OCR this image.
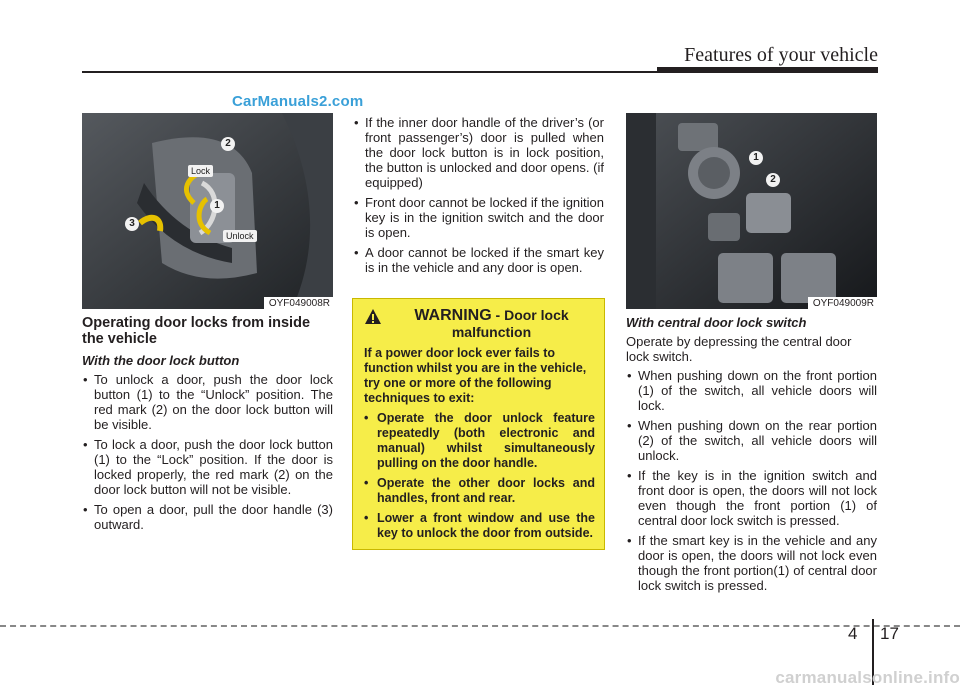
Features of your vehicle
CarManuals2.com
2
1
3
Lock
Unlock
OYF049008R
1
2
OYF049009R
Operating door locks from inside the vehicle
With the door lock button
• To unlock a door, push the door lock button (1) to the “Unlock” position. The red mark (2) on the door lock button will be visible.
• To lock a door, push the door lock button (1) to the “Lock” position. If the door is locked properly, the red mark (2) on the door lock button will not be visible.
• To open a door, pull the door handle (3) outward.
• If the inner door handle of the driver’s (or front passenger’s) door is pulled when the door lock button is in lock position, the button is unlocked and door opens. (if equipped)
• Front door cannot be locked if the ignition key is in the ignition switch and the door is open.
• A door cannot be locked if the smart key is in the vehicle and any door is open.
WARNING - Door lock malfunction
If a power door lock ever fails to function whilst you are in the vehicle, try one or more of the following techniques to exit:
• Operate the door unlock feature repeatedly (both electronic and manual) whilst simultaneously pulling on the door handle.
• Operate the other door locks and handles, front and rear.
• Lower a front window and use the key to unlock the door from outside.
With central door lock switch

Operate by depressing the central door lock switch.

• When pushing down on the front portion (1) of the switch, all vehicle doors will lock.
• When pushing down on the rear portion (2) of the switch, all vehicle doors will unlock.
• If the key is in the ignition switch and front door is open, the doors will not lock even though the front portion (1) of central door lock switch is pressed.
• If the smart key is in the vehicle and any door is open, the doors will not lock even though the front portion(1) of central door lock switch is pressed.
4 17
carmanualsonline.info
